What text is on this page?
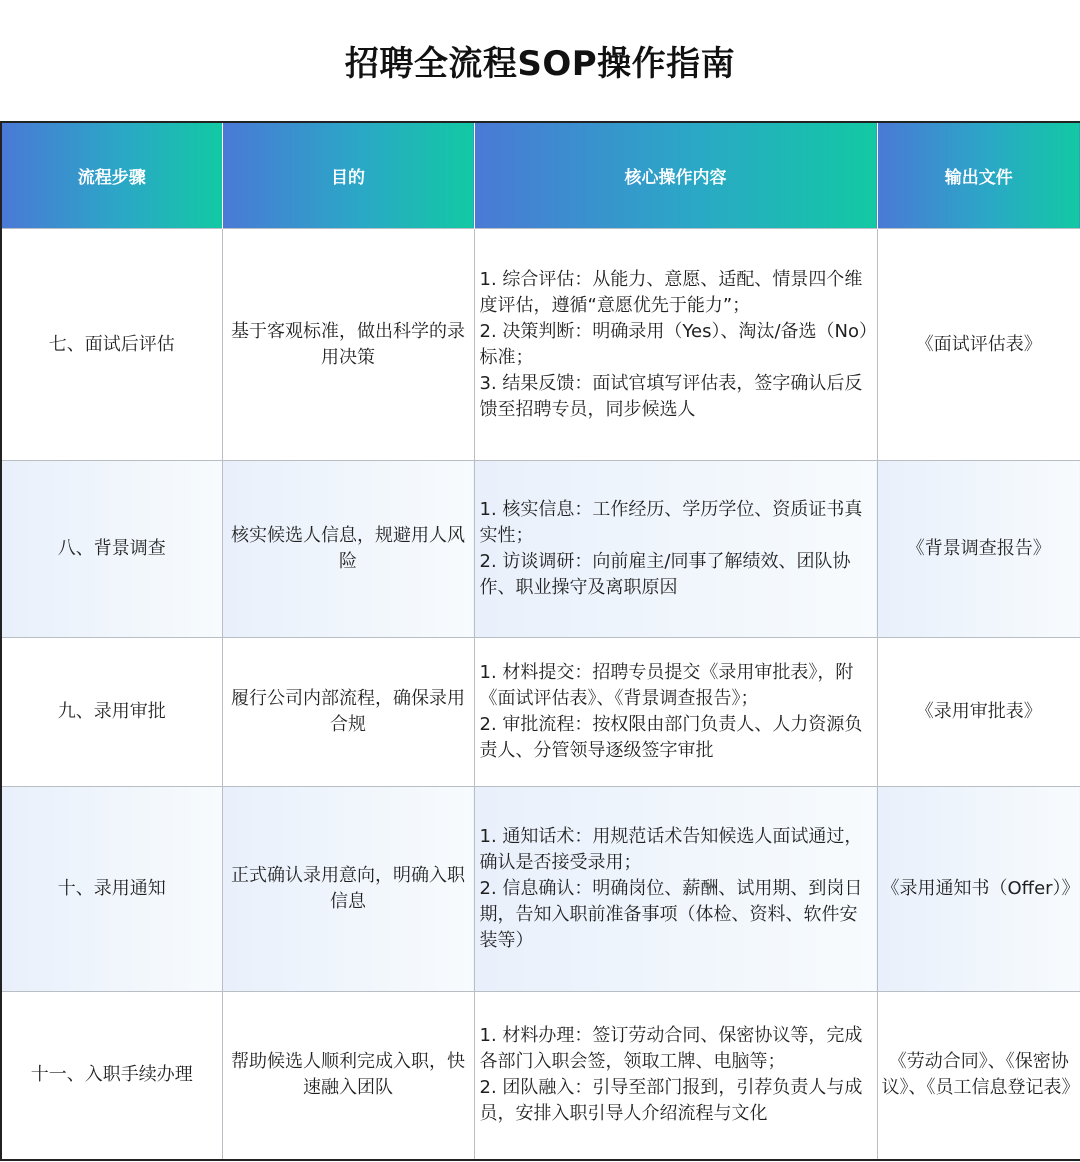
招聘全流程SOP操作指南
流程步骤	目的	核心操作内容	输出文件
七、面试后评估	基于客观标准，做出科学的录用决策	1. 综合评估：从能力、意愿、适配、情景四个维度评估，遵循“意愿优先于能力”；
2. 决策判断：明确录用（Yes）、淘汰/备选（No）标准；
3. 结果反馈：面试官填写评估表，签字确认后反馈至招聘专员，同步候选人	《面试评估表》
八、背景调查	核实候选人信息，规避用人风险	1. 核实信息：工作经历、学历学位、资质证书真实性；
2. 访谈调研：向前雇主/同事了解绩效、团队协作、职业操守及离职原因	《背景调查报告》
九、录用审批	履行公司内部流程，确保录用合规	1. 材料提交：招聘专员提交《录用审批表》，附《面试评估表》、《背景调查报告》；
2. 审批流程：按权限由部门负责人、人力资源负责人、分管领导逐级签字审批	《录用审批表》
十、录用通知	正式确认录用意向，明确入职信息	1. 通知话术：用规范话术告知候选人面试通过，确认是否接受录用；
2. 信息确认：明确岗位、薪酬、试用期、到岗日期，告知入职前准备事项（体检、资料、软件安装等）	《录用通知书（Offer）》
十一、入职手续办理	帮助候选人顺利完成入职，快速融入团队	1. 材料办理：签订劳动合同、保密协议等，完成各部门入职会签，领取工牌、电脑等；
2. 团队融入：引导至部门报到，引荐负责人与成员，安排入职引导人介绍流程与文化	《劳动合同》、《保密协议》、《员工信息登记表》
